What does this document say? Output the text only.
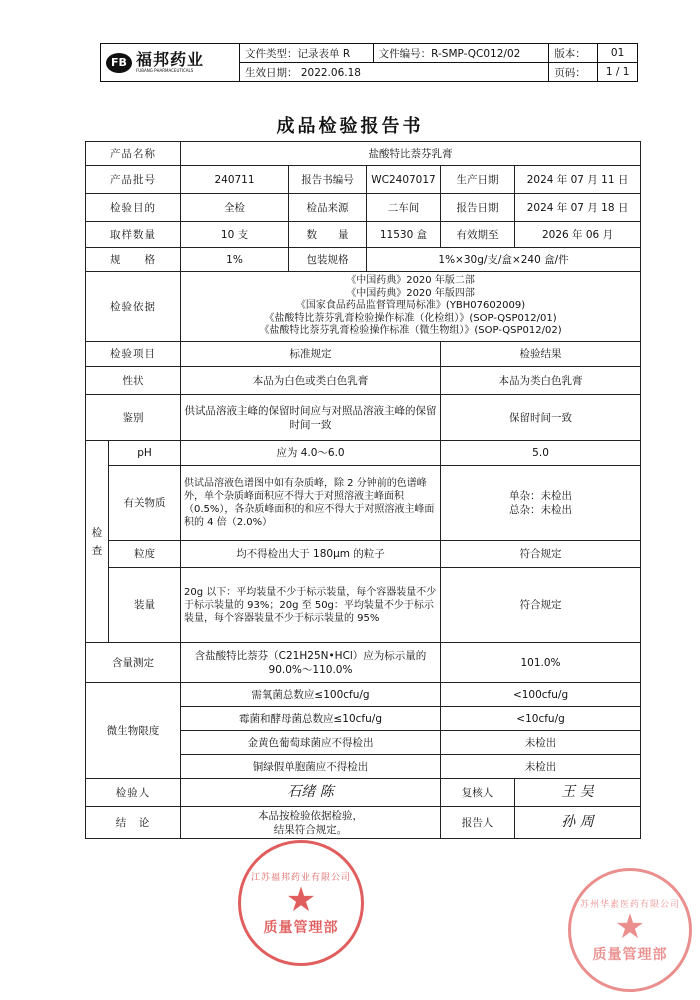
FB 福邦药业
FUBANG PHARMACEUTICALS	文件类型：记录表单 R	文件编号：R-SMP-QC012/02	版本：	01
	生效日期： 2022.06.18		页码：	1 / 1
成品检验报告书
产品名称		盐酸特比萘芬乳膏				
产品批号		240711	报告书编号	WC2407017	生产日期	2024 年 07 月 11 日
检验目的		全检	检品来源	二车间	报告日期	2024 年 07 月 18 日
取样数量		10 支	数　　量	11530 盒	有效期至	2026 年 06 月
规　　格		1%	包装规格	1%×30g/支/盒×240 盒/件		
检验依据		《中国药典》2020 年版二部
《中国药典》2020 年版四部
《国家食品药品监督管理局标准》(YBH07602009)
《盐酸特比萘芬乳膏检验操作标准（化检组）》(SOP-QSP012/01)
《盐酸特比萘芬乳膏检验操作标准（微生物组）》(SOP-QSP012/02)				

检验项目		标准规定			检验结果	
性状		本品为白色或类白色乳膏			本品为类白色乳膏	
鉴别		供试品溶液主峰的保留时间应与对照品溶液主峰的保留时间一致			保留时间一致	
检
查	pH	应为 4.0～6.0			5.0	
	有关物质	供试品溶液色谱图中如有杂质峰，除 2 分钟前的色谱峰外，单个杂质峰面积应不得大于对照溶液主峰面积（0.5%），各杂质峰面积的和应不得大于对照溶液主峰面积的 4 倍（2.0%）			单杂：未检出
总杂：未检出	

	粒度	均不得检出大于 180μm 的粒子			符合规定	
	装量	20g 以下：平均装量不少于标示装量，每个容器装量不少于标示装量的 93%；20g 至 50g：平均装量不少于标示装量，每个容器装量不少于标示装量的 95%			符合规定	
含量测定		含盐酸特比萘芬（C21H25N•HCl）应为标示量的
90.0%～110.0%			101.0%	
微生物限度		需氧菌总数应≤100cfu/g			<100cfu/g	
		霉菌和酵母菌总数应≤10cfu/g			<10cfu/g	
		金黄色葡萄球菌应不得检出			未检出	
		铜绿假单胞菌应不得检出			未检出	
检验人		石绪 陈			复核人	王 吴
结　论		本品按检验依据检验，
结果符合规定。			报告人	孙 周
江苏福邦药业有限公司
★
质量管理部
苏州华素医药有限公司
★
质量管理部
